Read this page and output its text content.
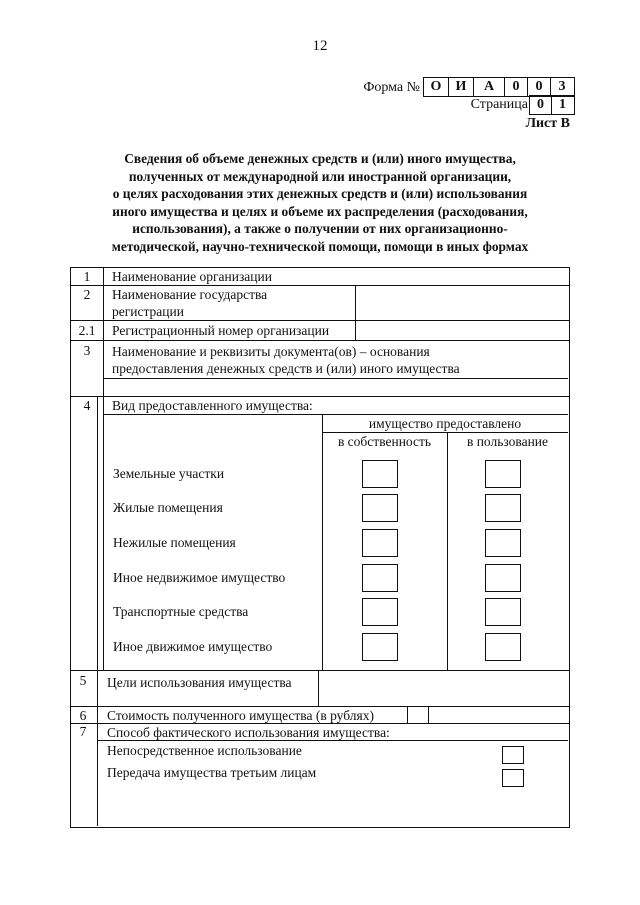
12
Форма № О	И	А	0	0	3
Страница 0	1
Лист В
Сведения об объеме денежных средств и (или) иного имущества,
полученных от международной или иностранной организации,
о целях расходования этих денежных средств и (или) использования
иного имущества и целях и объеме их распределения (расходования,
использования), а также о получении от них организационно-
методической, научно-технической помощи, помощи в иных формах
1	Наименование организации
2	Наименование государства
регистрации
2.1	Регистрационный номер организации
3	Наименование и реквизиты документа(ов) – основания
предоставления денежных средств и (или) иного имущества
4	Вид предоставленного имущества:
имущество предоставлено
в собственность	в пользование
Земельные участки
Жилые помещения
Нежилые помещения
Иное недвижимое имущество
Транспортные средства
Иное движимое имущество
5	Цели использования имущества
6	Стоимость полученного имущества (в рублях)
7	Способ фактического использования имущества:
Непосредственное использование
Передача имущества третьим лицам
